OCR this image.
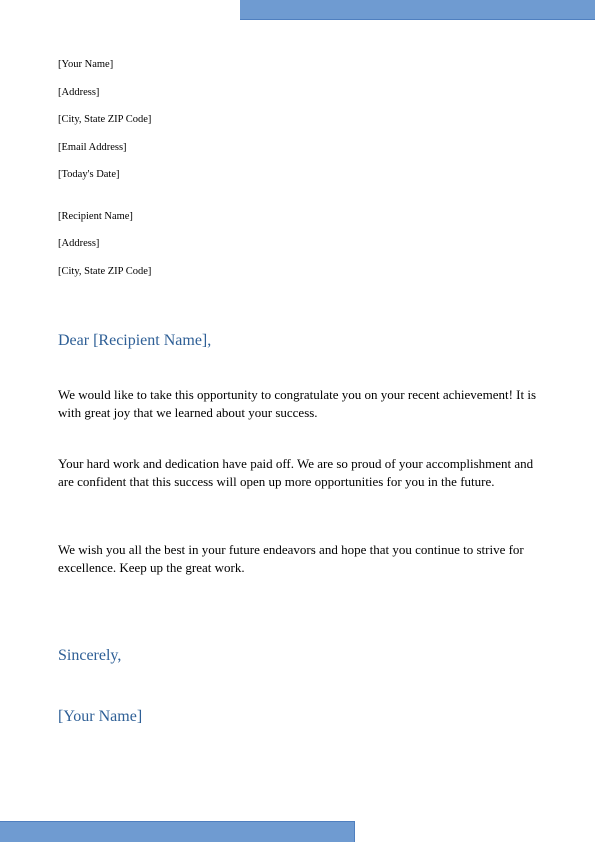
[Your Name]
[Address]
[City, State ZIP Code]
[Email Address]
[Today's Date]
[Recipient Name]
[Address]
[City, State ZIP Code]
Dear [Recipient Name],
We would like to take this opportunity to congratulate you on your recent achievement! It is with great joy that we learned about your success.
Your hard work and dedication have paid off. We are so proud of your accomplishment and are confident that this success will open up more opportunities for you in the future.
We wish you all the best in your future endeavors and hope that you continue to strive for excellence. Keep up the great work.
Sincerely,
[Your Name]
